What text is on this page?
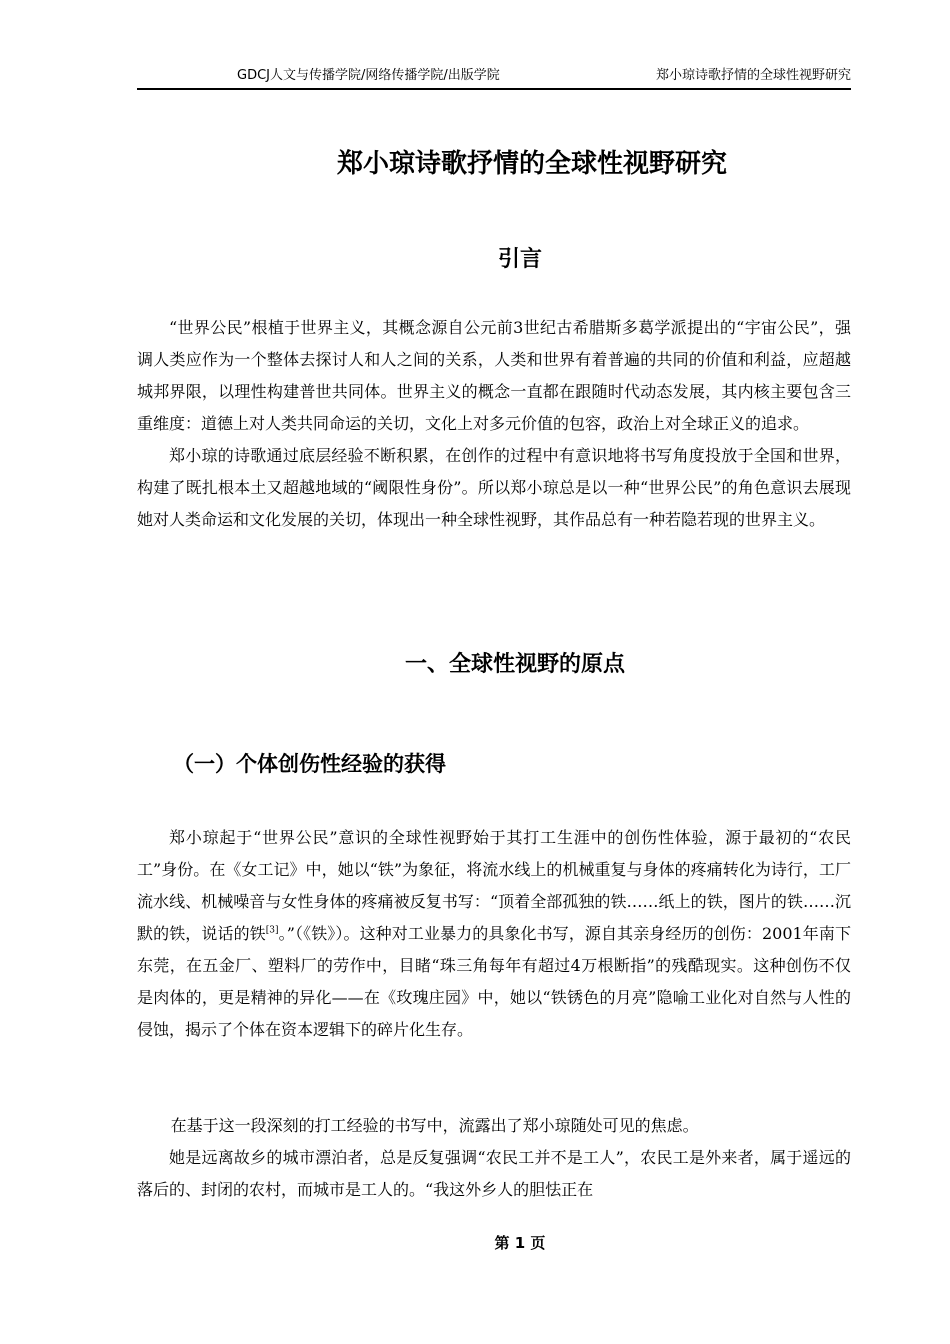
GDCJ人文与传播学院/网络传播学院/出版学院	郑小琼诗歌抒情的全球性视野研究
郑小琼诗歌抒情的全球性视野研究
引言

“世界公民”根植于世界主义，其概念源自公元前3世纪古希腊斯多葛学派提出的“宇宙公民”，强调人类应作为一个整体去探讨人和人之间的关系，人类和世界有着普遍的共同的价值和利益，应超越城邦界限，以理性构建普世共同体。世界主义的概念一直都在跟随时代动态发展，其内核主要包含三重维度：道德上对人类共同命运的关切，文化上对多元价值的包容，政治上对全球正义的追求。

郑小琼的诗歌通过底层经验不断积累，在创作的过程中有意识地将书写角度投放于全国和世界，构建了既扎根本土又超越地域的“阈限性身份”。所以郑小琼总是以一种“世界公民”的角色意识去展现她对人类命运和文化发展的关切，体现出一种全球性视野，其作品总有一种若隐若现的世界主义。

一、全球性视野的原点
（一）个体创伤性经验的获得

郑小琼起于“世界公民”意识的全球性视野始于其打工生涯中的创伤性体验，源于最初的“农民工”身份。在《女工记》中，她以“铁”为象征，将流水线上的机械重复与身体的疼痛转化为诗行，工厂流水线、机械噪音与女性身体的疼痛被反复书写：“顶着全部孤独的铁……纸上的铁，图片的铁……沉默的铁，说话的铁[3]。”（《铁》）。这种对工业暴力的具象化书写，源自其亲身经历的创伤：2001年南下东莞，在五金厂、塑料厂的劳作中，目睹“珠三角每年有超过4万根断指”的残酷现实。这种创伤不仅是肉体的，更是精神的异化——在《玫瑰庄园》中，她以“铁锈色的月亮”隐喻工业化对自然与人性的侵蚀，揭示了个体在资本逻辑下的碎片化生存。

在基于这一段深刻的打工经验的书写中，流露出了郑小琼随处可见的焦虑。

她是远离故乡的城市漂泊者，总是反复强调“农民工并不是工人”，农民工是外来者，属于遥远的落后的、封闭的农村，而城市是工人的。“我这外乡人的胆怯正在

第 1 页
